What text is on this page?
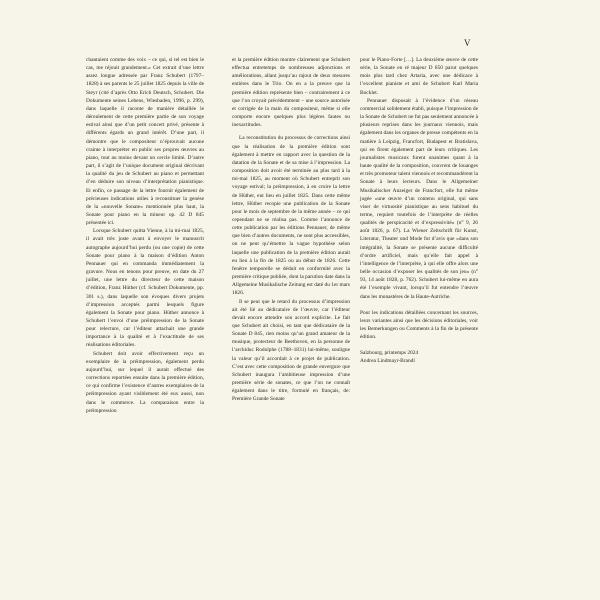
V

chantaient comme des voix – ce qui, si tel est bien le cas, me réjouit grandement.» Cet extrait d’une lettre assez longue adressée par Franz Schubert (1797–1828) à ses parents le 25 juillet 1825 depuis la ville de Steyr (cité d’après Otto Erich Deutsch, Schubert. Die Dokumente seines Lebens, Wiesbaden, 1996, p. 299), dans laquelle il raconte de manière détaillée le déroulement de cette première partie de son voyage estival ainsi que d’un petit concert privé, présente à différents égards un grand intérêt. D’une part, il démontre que le compositeur n’éprouvait aucune crainte à interpréter en public ses propres œuvres au piano, tout au moins devant un cercle limité. D’autre part, il s’agit de l’unique document original décrivant la qualité du jeu de Schubert au piano et permettant d’en déduire son niveau d’interprétation pianistique. Et enfin, ce passage de la lettre fournit également de précieuses indications utiles à reconstituer la genèse de la «nouvelle Sonate» mentionnée plus haut, la Sonate pour piano en la mineur op. 42 D 845 présentée ici.

Lorsque Schubert quitta Vienne, à la mi-mai 1825, il avait très juste avant à envoyer le manuscrit autographe aujourd’hui perdu (ou une copie) de cette Sonate pour piano à la maison d’édition Anton Pennauer qui en commanda immédiatement la gravure. Nous en tenons pour preuve, en date du 27 juillet, une lettre du directeur de cette maison d’édition, Franz Hüther (cf. Schubert Dokumente, pp. 301 s.), dans laquelle son évoques divers projets d’impression acceptés parmi lesquels figure également la Sonate pour piano. Hüther annonce à Schubert l’envoi d’une préimpression de la Sonate pour relecture, car l’éditeur attachait une grande importance à la qualité et à l’exactitude de ses réalisations éditoriales.

Schubert doit avoir effectivement reçu un exemplaire de la préimpression, également perdu aujourd’hui, sur lequel il aurait effectué des corrections reportées ensuite dans la première édition, ce qui confirme l’existence d’autres exemplaires de la préimpression ayant visiblement été eux aussi, non dans le commerce. La comparaison entre la préimpression

et la première édition montre clairement que Schubert effectua entretemps de nombreuses adjonctions et améliorations, allant jusqu’au rajout de deux mesures entières dans le Trio. On en a la preuve que la première édition représente bien – contrairement à ce que l’on croyait précédemment – une source autorisée et corrigée de la main du compositeur, même si elle comporte encore quelques plus légères fautes ou inexactitudes.

La reconstitution du processus de corrections ainsi que la réalisation de la première édition sont également à mettre en rapport avec la question de la datation de la Sonate et de sa mise à l’impression. La composition doit avoir été terminée au plus tard à la mi-mai 1825, au moment où Schubert entreprit son voyage estival; la préimpression, à en croire la lettre de Hüther, eut lieu en juillet 1825. Dans cette même lettre, Hüther recopie une publication de la Sonate pour le mois de septembre de la même année – ce qui cependant ne se réalisa pas. Comme l’annonce de cette publication par les éditions Pennauer, de même que bien d’autres documents, ne sont plus accessibles, on ne peut qu’émettre la vague hypothèse selon laquelle une publication de la première édition aurait eu lieu à la fin de 1825 ou au début de 1826. Cette fenêtre temporelle se déduit en conformité avec la première critique publiée, dont la parution date dans la Allgemeine Musikalische Zeitung est daté du 1er mars 1826.

Il se peut que le retard du processus d’impression ait été lié au dédicataire de l’œuvre, car l’éditeur devait encore attendre son accord explicite. Le fait que Schubert ait choisi, en tant que dédicataire de la Sonate D 845, rien moins qu’un grand amateur de la musique, protecteur de Beethoven, en la personne de l’archiduc Rodolphe (1788–1831) lui-même, souligne la valeur qu’il accordait à ce projet de publication. C’est avec cette composition de grande envergure que Schubert inaugura l’ambitieuse impression d’une première série de sonates, ce que l’on ne connaît également dans le titre, formulé en français, de: Première Grande Sonate

pour le Piano-Forte […]. La deuxième œuvre de cette série, la Sonate en ré majeur D 850 parut quelques mois plus tard chez Artaria, avec une dédicace à l’excellent pianiste et ami de Schubert Karl Maria Bocklet.

Pennauer disposait à l’évidence d’un réseau commercial solidement établi, puisque l’impression de la Sonate de Schubert ne fut pas seulement annoncée à plusieurs reprises dans les journaux viennois, mais également dans les organes de presse compétents en la matière à Leipzig, Francfort, Budapest et Bratislava, qui en firent également part de leurs critiques. Les journalistes musicaux furent unanimes quant à la haute qualité de la composition, couvrent de louanges et très promoteur talent viennois et recommandèrent la Sonate à leurs lecteurs. Dans le Allgemeiner Musikalischer Anzeiger de Francfort, elle fut même jugée «une œuvre d’un contenu original, qui sans viser de virtuosité pianistique au sens habituel du terme, requiert toutefois de l’interprète de réelles qualités de perspicacité et d’expressivité» (n° 9, 26 août 1826, p. 67). La Wiener Zeitschrift für Kunst, Literatur, Theater und Mode fut d’avis que «dans son intégralité, la Sonate se présente aucune difficulté d’ordre artificiel, mais qu’elle fait appel à l’intelligence de l’interprète, à qui elle offre alors une belle occasion d’exposer les qualités de son jeu» (n° 93, 14 août 1828, p. 762). Schubert lui-même en aura été l’exemple vivant, lorsqu’il fut entendre l’œuvre dans les monastères de la Haute-Autriche.

Pour les indications détaillées concernant les sources, leurs variantes ainsi que les décisions éditoriales, voir les Bemerkungen ou Comments à la fin de la présente édition.

Salzbourg, printemps 2024

Andrea Lindmayr-Brandl
